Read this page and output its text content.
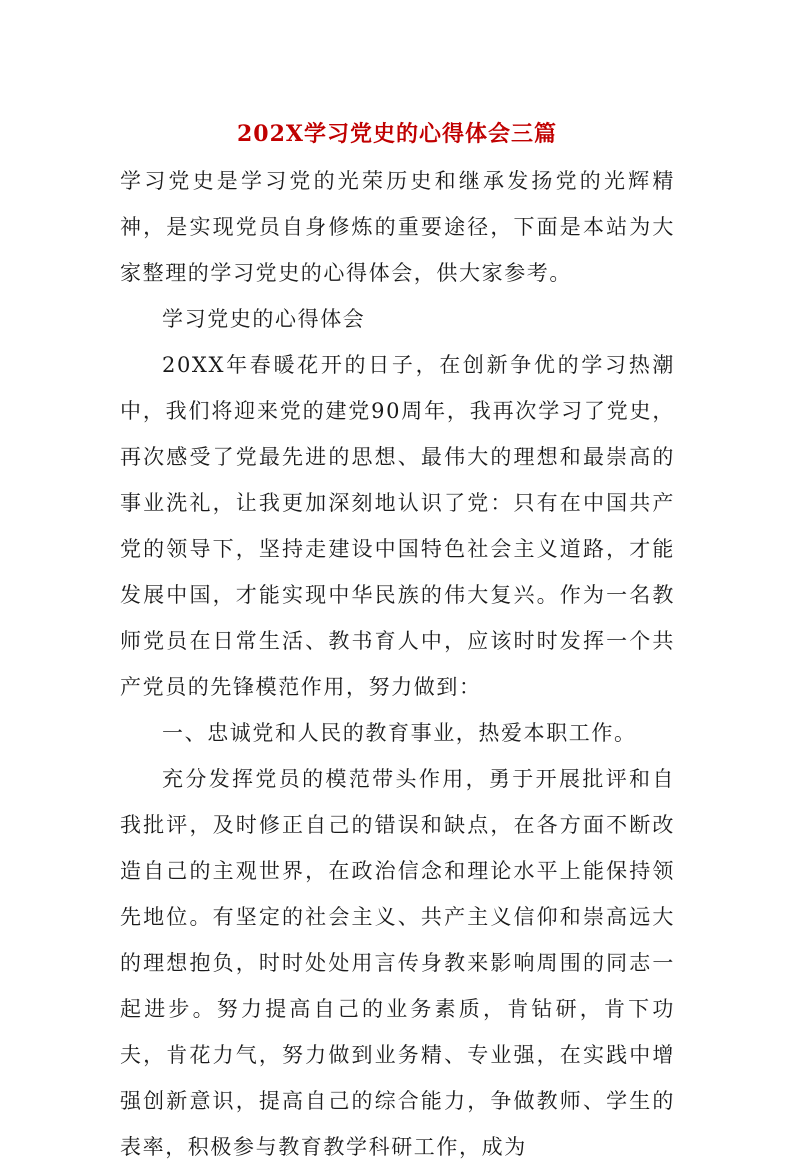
202X学习党史的心得体会三篇

学习党史是学习党的光荣历史和继承发扬党的光辉精神，是实现党员自身修炼的重要途径，下面是本站为大家整理的学习党史的心得体会，供大家参考。

学习党史的心得体会

20XX年春暖花开的日子，在创新争优的学习热潮中，我们将迎来党的建党90周年，我再次学习了党史，再次感受了党最先进的思想、最伟大的理想和最崇高的事业洗礼，让我更加深刻地认识了党：只有在中国共产党的领导下，坚持走建设中国特色社会主义道路，才能发展中国，才能实现中华民族的伟大复兴。作为一名教师党员在日常生活、教书育人中，应该时时发挥一个共产党员的先锋模范作用，努力做到：

一、忠诚党和人民的教育事业，热爱本职工作。

充分发挥党员的模范带头作用，勇于开展批评和自我批评，及时修正自己的错误和缺点，在各方面不断改造自己的主观世界，在政治信念和理论水平上能保持领先地位。有坚定的社会主义、共产主义信仰和崇高远大的理想抱负，时时处处用言传身教来影响周围的同志一起进步。努力提高自己的业务素质，肯钻研，肯下功夫，肯花力气，努力做到业务精、专业强，在实践中增强创新意识，提高自己的综合能力，争做教师、学生的表率，积极参与教育教学科研工作，成为
